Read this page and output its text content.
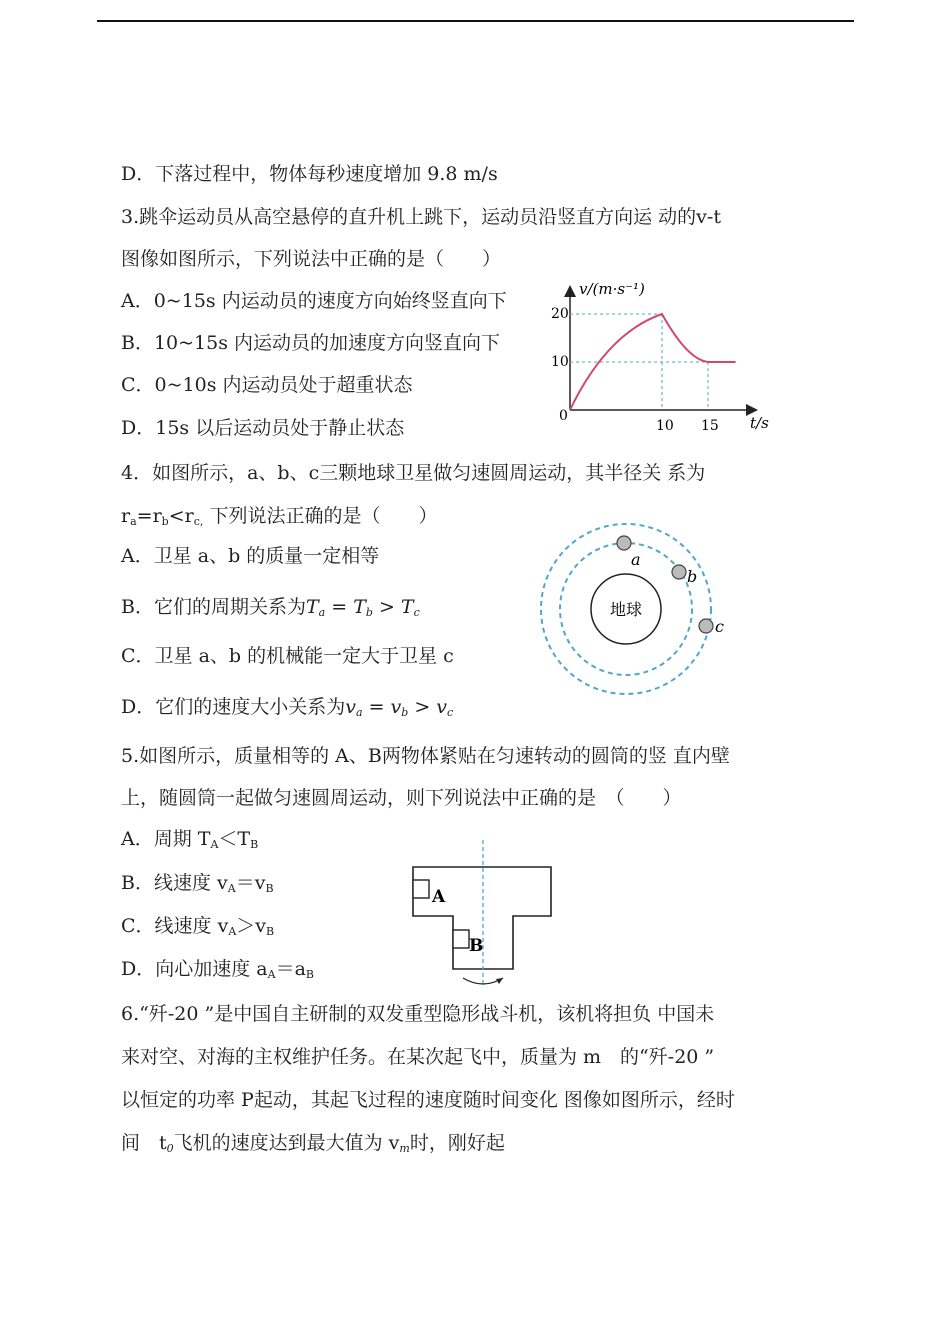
D．下落过程中，物体每秒速度增加 9.8 m/s
3.跳伞运动员从高空悬停的直升机上跳下，运动员沿竖直方向运 动的v-t
图像如图所示，下列说法中正确的是（　　）
A．0~15s 内运动员的速度方向始终竖直向下
B．10~15s 内运动员的加速度方向竖直向下
C．0~10s 内运动员处于超重状态
D．15s 以后运动员处于静止状态
v/(m·s⁻¹)
t/s
0
20
10
10 15
4．如图所示，a、b、c三颗地球卫星做匀速圆周运动，其半径关 系为
$r_a=r_b<r_{c,}$ 下列说法正确的是（　　）
A．卫星 a、b 的质量一定相等
B．它们的周期关系为$T_a = T_b > T_c$
C．卫星 a、b 的机械能一定大于卫星 c
D．它们的速度大小关系为$v_a = v_b > v_c$
地球
a
b
c
5.如图所示，质量相等的 A、B两物体紧贴在匀速转动的圆筒的竖 直内壁
上，随圆筒一起做匀速圆周运动，则下列说法中正确的是　（　　）
A．周期 $T_A<T_B$
B．线速度 $v_A=v_B$
C．线速度 $v_A>v_B$
D．向心加速度 $a_A=a_B$
A
B
6.“歼-20 ”是中国自主研制的双发重型隐形战斗机，该机将担负 中国未
来对空、对海的主权维护任务。在某次起飞中，质量为 m　的“歼-20 ”
以恒定的功率 P起动，其起飞过程的速度随时间变化 图像如图所示，经时
间　$t_0$飞机的速度达到最大值为 $v_m$时，刚好起
